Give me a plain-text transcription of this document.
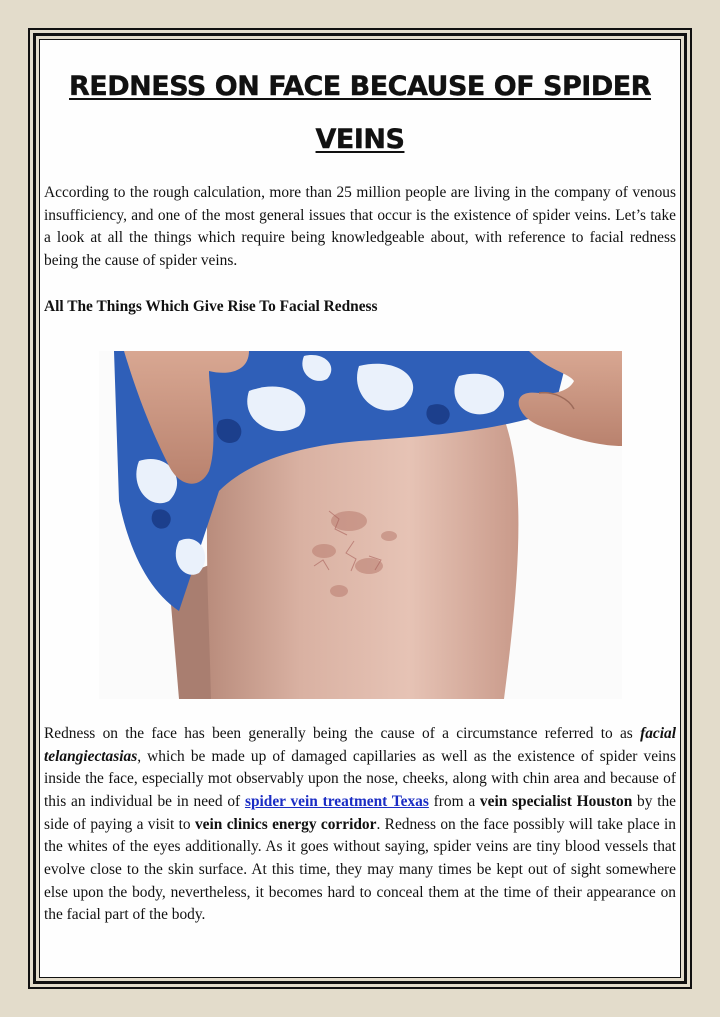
REDNESS ON FACE BECAUSE OF SPIDER VEINS

According to the rough calculation, more than 25 million people are living in the company of venous insufficiency, and one of the most general issues that occur is the existence of spider veins. Let’s take a look at all the things which require being knowledgeable about, with reference to facial redness being the cause of spider veins.

All The Things Which Give Rise To Facial Redness

Redness on the face has been generally being the cause of a circumstance referred to as facial telangiectasias, which be made up of damaged capillaries as well as the existence of spider veins inside the face, especially mot observably upon the nose, cheeks, along with chin area and because of this an individual be in need of spider vein treatment Texas from a vein specialist Houston by the side of paying a visit to vein clinics energy corridor. Redness on the face possibly will take place in the whites of the eyes additionally. As it goes without saying, spider veins are tiny blood vessels that evolve close to the skin surface. At this time, they may many times be kept out of sight somewhere else upon the body, nevertheless, it becomes hard to conceal them at the time of their appearance on the facial part of the body.
